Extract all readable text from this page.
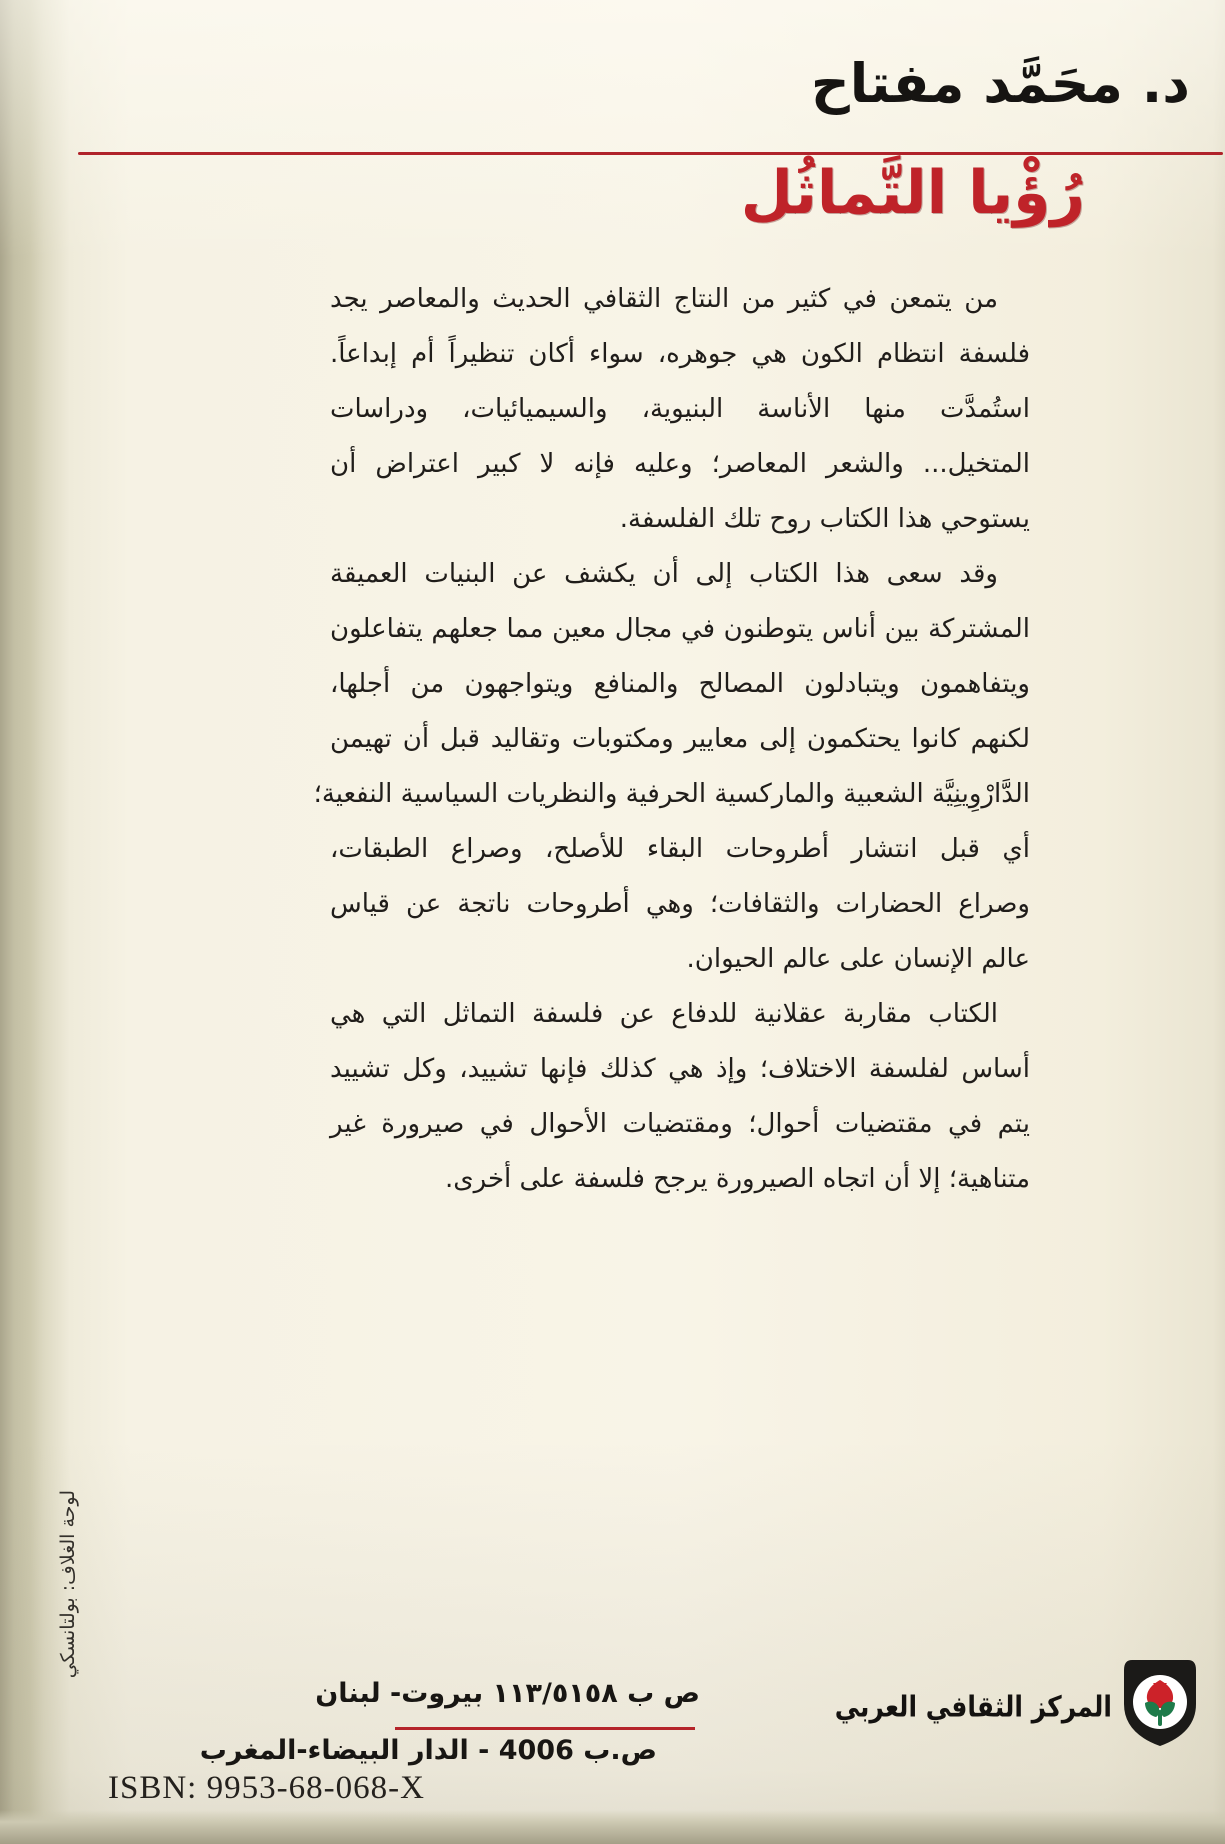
د. محَمَّد مفتاح
رُؤْيا التَّماثُل
من يتمعن في كثير من النتاج الثقافي الحديث والمعاصر يجد
فلسفة انتظام الكون هي جوهره، سواء أكان تنظيراً أم إبداعاً.
استُمدَّت منها الأناسة البنيوية، والسيميائيات، ودراسات
المتخيل... والشعر المعاصر؛ وعليه فإنه لا كبير اعتراض أن
يستوحي هذا الكتاب روح تلك الفلسفة.
وقد سعى هذا الكتاب إلى أن يكشف عن البنيات العميقة
المشتركة بين أناس يتوطنون في مجال معين مما جعلهم يتفاعلون
ويتفاهمون ويتبادلون المصالح والمنافع ويتواجهون من أجلها،
لكنهم كانوا يحتكمون إلى معايير ومكتوبات وتقاليد قبل أن تهيمن
الدَّارْوِينِيَّة الشعبية والماركسية الحرفية والنظريات السياسية النفعية؛
أي قبل انتشار أطروحات البقاء للأصلح، وصراع الطبقات،
وصراع الحضارات والثقافات؛ وهي أطروحات ناتجة عن قياس
عالم الإنسان على عالم الحيوان.
الكتاب مقاربة عقلانية للدفاع عن فلسفة التماثل التي هي
أساس لفلسفة الاختلاف؛ وإذ هي كذلك فإنها تشييد، وكل تشييد
يتم في مقتضيات أحوال؛ ومقتضيات الأحوال في صيرورة غير
متناهية؛ إلا أن اتجاه الصيرورة يرجح فلسفة على أخرى.
لوحة الغلاف: بولتانسكي
ص ب ١١٣/٥١٥٨ بيروت- لبنان
ص.ب 4006 - الدار البيضاء-المغرب
المركز الثقافي العربي
ISBN: 9953-68-068-X
